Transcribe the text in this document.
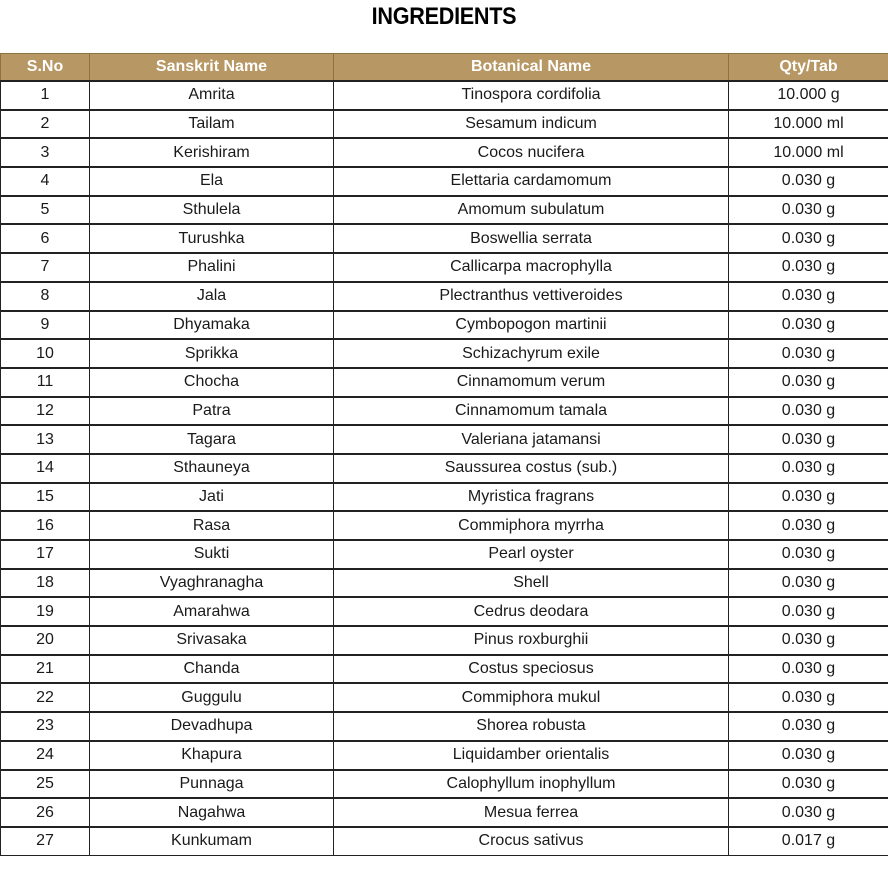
INGREDIENTS
S.No	Sanskrit Name	Botanical Name	Qty/Tab
1	Amrita	Tinospora cordifolia	10.000 g
2	Tailam	Sesamum indicum	10.000 ml
3	Kerishiram	Cocos nucifera	10.000 ml
4	Ela	Elettaria cardamomum	0.030 g
5	Sthulela	Amomum subulatum	0.030 g
6	Turushka	Boswellia serrata	0.030 g
7	Phalini	Callicarpa macrophylla	0.030 g
8	Jala	Plectranthus vettiveroides	0.030 g
9	Dhyamaka	Cymbopogon martinii	0.030 g
10	Sprikka	Schizachyrum exile	0.030 g
11	Chocha	Cinnamomum verum	0.030 g
12	Patra	Cinnamomum tamala	0.030 g
13	Tagara	Valeriana jatamansi	0.030 g
14	Sthauneya	Saussurea costus (sub.)	0.030 g
15	Jati	Myristica fragrans	0.030 g
16	Rasa	Commiphora myrrha	0.030 g
17	Sukti	Pearl oyster	0.030 g
18	Vyaghranagha	Shell	0.030 g
19	Amarahwa	Cedrus deodara	0.030 g
20	Srivasaka	Pinus roxburghii	0.030 g
21	Chanda	Costus speciosus	0.030 g
22	Guggulu	Commiphora mukul	0.030 g
23	Devadhupa	Shorea robusta	0.030 g
24	Khapura	Liquidamber orientalis	0.030 g
25	Punnaga	Calophyllum inophyllum	0.030 g
26	Nagahwa	Mesua ferrea	0.030 g
27	Kunkumam	Crocus sativus	0.017 g
